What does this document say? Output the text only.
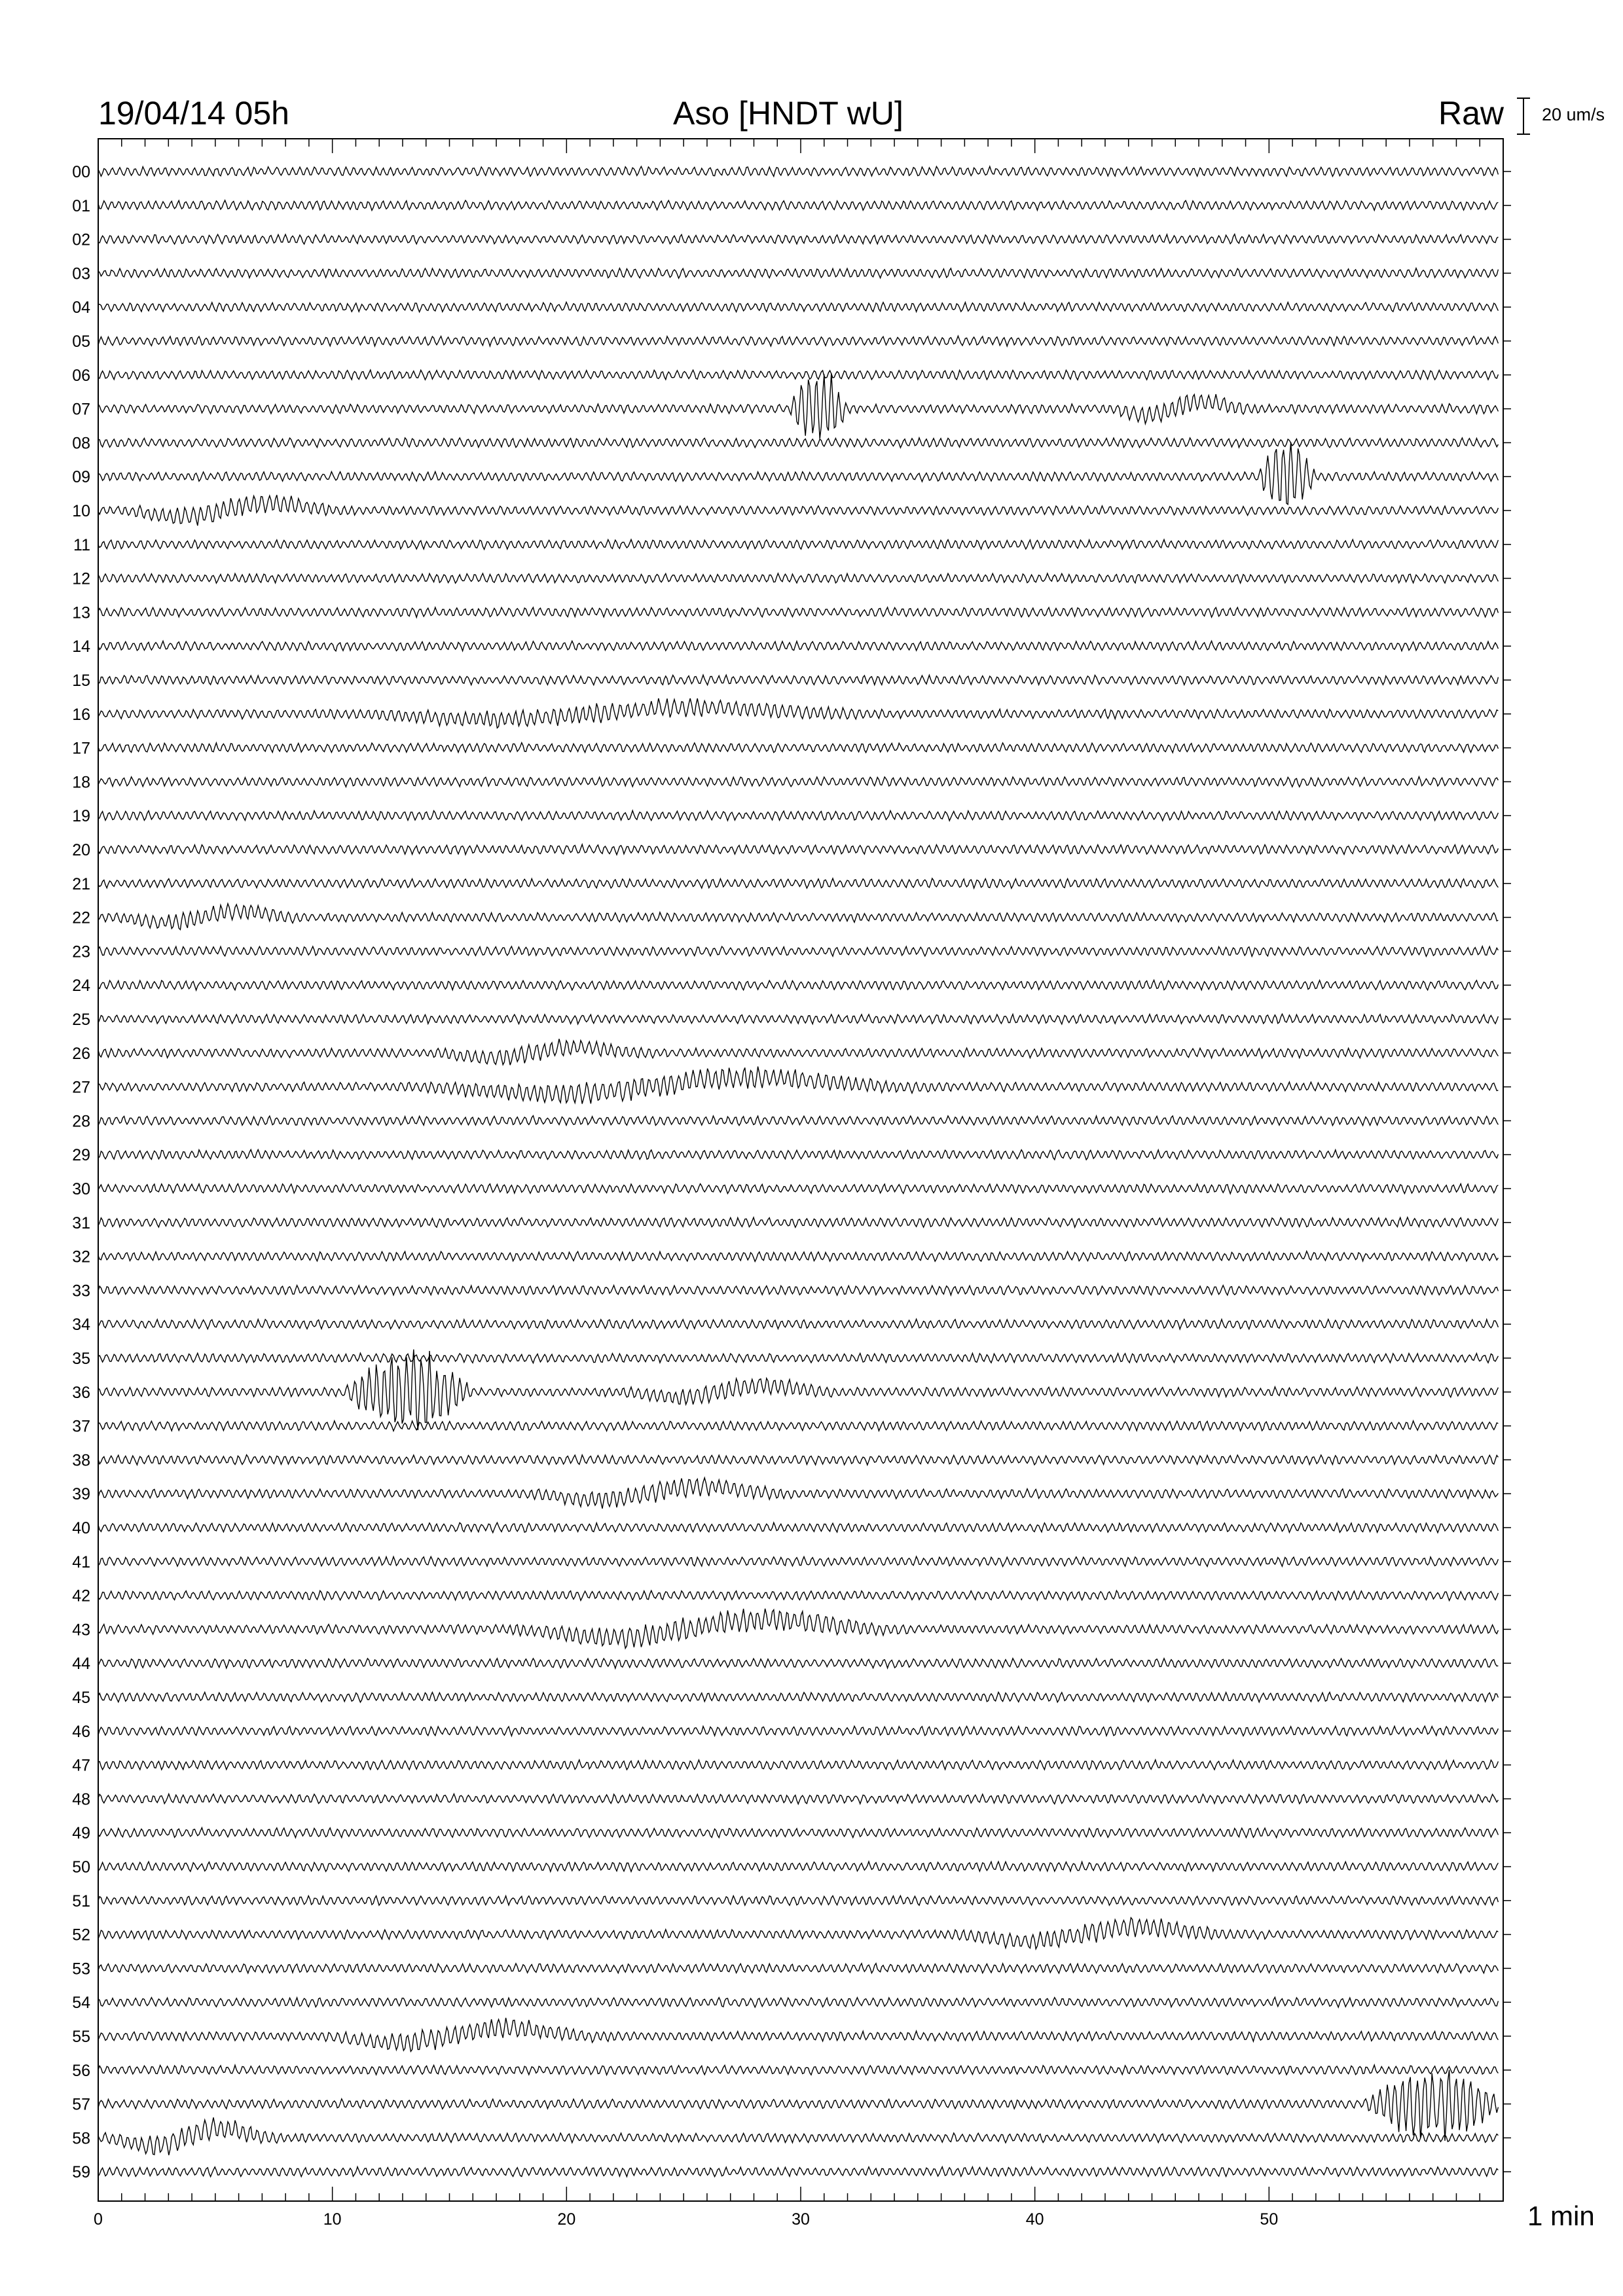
19/04/14 05h	Aso [HNDT wU]	Raw 20 um/s
1 min
00
01
02
03
04
05
06
07
08
09
10
11
12
13
14
15
16
17
18
19
20
21
22
23
24
25
26
27
28
29
30
31
32
33
34
35
36
37
38
39
40
41
42
43
44
45
46
47
48
49
50
51
52
53
54
55
56
57
58
59
0	10	20	30	40	50
